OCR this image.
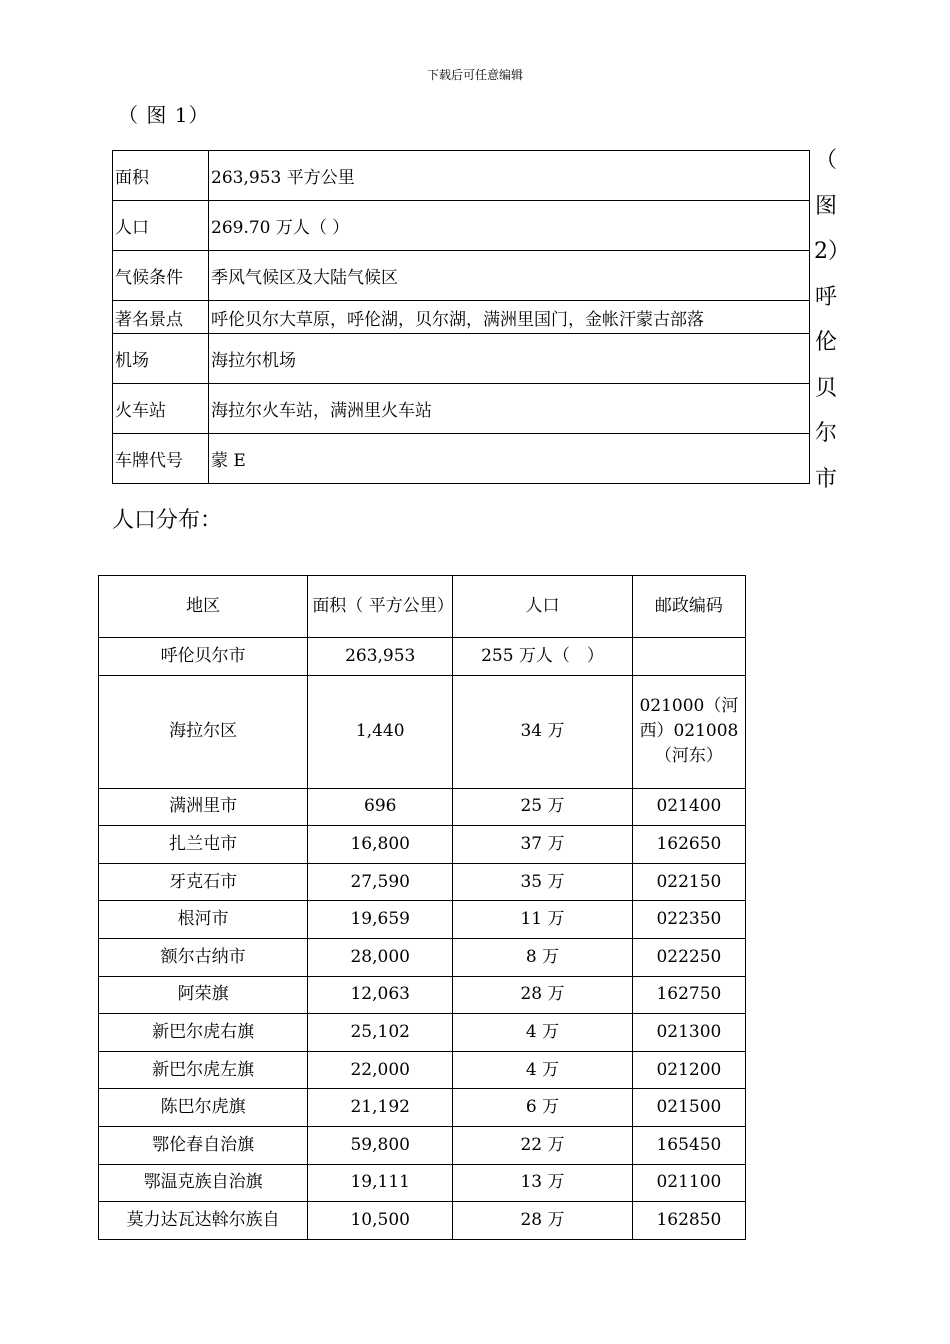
下载后可任意编辑
（ 图 1）
面积	263,953 平方公里
人口	269.70 万人（ ）
气候条件	季风气候区及大陆气候区
著名景点	呼伦贝尔大草原，呼伦湖，贝尔湖，满洲里国门，金帐汗蒙古部落
机场	海拉尔机场
火车站	海拉尔火车站，满洲里火车站
车牌代号	蒙 E
（
图
2）
呼
伦
贝
尔
市
人口分布：
地区	面积（ 平方公里）	人口	邮政编码
呼伦贝尔市	263,953	255 万人（　）	
海拉尔区	1,440	34 万	021000（河西）021008（河东）
满洲里市	696	25 万	021400
扎兰屯市	16,800	37 万	162650
牙克石市	27,590	35 万	022150
根河市	19,659	11 万	022350
额尔古纳市	28,000	8 万	022250
阿荣旗	12,063	28 万	162750
新巴尔虎右旗	25,102	4 万	021300
新巴尔虎左旗	22,000	4 万	021200
陈巴尔虎旗	21,192	6 万	021500
鄂伦春自治旗	59,800	22 万	165450
鄂温克族自治旗	19,111	13 万	021100
莫力达瓦达斡尔族自	10,500	28 万	162850
